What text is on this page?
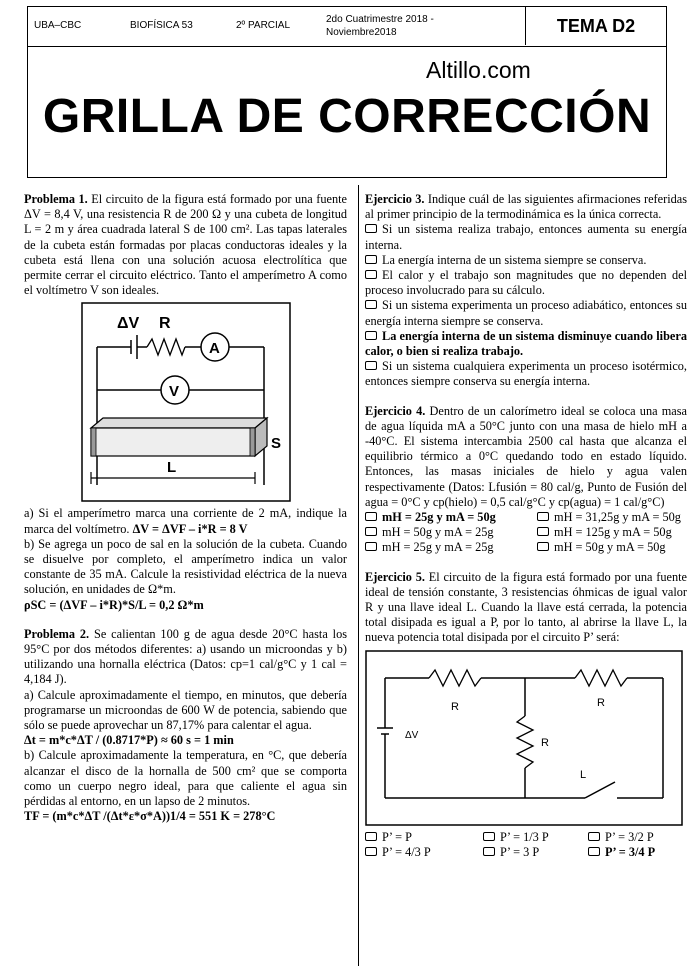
UBA–CBC	BIOFÍSICA 53	2º PARCIAL
2do Cuatrimestre 2018 -
Noviembre2018	TEMA D2
Altillo.com
GRILLA DE CORRECCIÓN

Problema 1. El circuito de la figura está formado por una fuente ΔV = 8,4 V, una resistencia R de 200 Ω y una cubeta de longitud L = 2 m y área cuadrada lateral S de 100 cm². Las tapas laterales de la cubeta están formadas por placas conductoras ideales y la cubeta está llena con una solución acuosa electrolítica que permite cerrar el circuito eléctrico. Tanto el amperímetro A como el voltímetro V son ideales.

ΔV R
A
V
S
L

a) Si el amperímetro marca una corriente de 2 mA, indique la marca del voltímetro. ΔV = ΔVF – i*R = 8 V

b) Se agrega un poco de sal en la solución de la cubeta. Cuando se disuelve por completo, el amperímetro indica un valor constante de 35 mA. Calcule la resistividad eléctrica de la nueva solución, en unidades de Ω*m.

ρSC = (ΔVF – i*R)*S/L = 0,2 Ω*m

Problema 2. Se calientan 100 g de agua desde 20°C hasta los 95°C por dos métodos diferentes: a) usando un microondas y b) utilizando una hornalla eléctrica (Datos: cp=1 cal/g°C y 1 cal = 4,184 J).

a) Calcule aproximadamente el tiempo, en minutos, que debería programarse un microondas de 600 W de potencia, sabiendo que sólo se puede aprovechar un 87,17% para calentar el agua.

Δt = m*c*ΔT / (0.8717*P) ≈ 60 s = 1 min

b) Calcule aproximadamente la temperatura, en °C, que debería alcanzar el disco de la hornalla de 500 cm² que se comporta como un cuerpo negro ideal, para que caliente el agua sin pérdidas al entorno, en un lapso de 2 minutos.

TF = (m*c*ΔT /(Δt*ε*σ*A))1/4 = 551 K = 278°C

Ejercicio 3. Indique cuál de las siguientes afirmaciones referidas al primer principio de la termodinámica es la única correcta.

Si un sistema realiza trabajo, entonces aumenta su energía interna.
La energía interna de un sistema siempre se conserva.
El calor y el trabajo son magnitudes que no dependen del proceso involucrado para su cálculo.
Si un sistema experimenta un proceso adiabático, entonces su energía interna siempre se conserva.
La energía interna de un sistema disminuye cuando libera calor, o bien si realiza trabajo.
Si un sistema cualquiera experimenta un proceso isotérmico, entonces siempre conserva su energía interna.

Ejercicio 4. Dentro de un calorímetro ideal se coloca una masa de agua líquida mA a 50°C junto con una masa de hielo mH a -40°C. El sistema intercambia 2500 cal hasta que alcanza el equilibrio térmico a 0°C quedando todo en estado líquido. Entonces, las masas iniciales de hielo y agua valen respectivamente (Datos: Lfusión = 80 cal/g, Punto de Fusión del agua = 0°C y cp(hielo) = 0,5 cal/g°C y cp(agua) = 1 cal/g°C)

mH = 25g y mA = 50g	mH = 31,25g y mA = 50g
mH = 50g y mA = 25g	mH = 125g y mA = 50g
mH = 25g y mA = 25g	mH = 50g y mA = 50g

Ejercicio 5. El circuito de la figura está formado por una fuente ideal de tensión constante, 3 resistencias óhmicas de igual valor R y una llave ideal L. Cuando la llave está cerrada, la potencia total disipada es igual a P, por lo tanto, al abrirse la llave L, la nueva potencia total disipada por el circuito P’ será:

R	R
R
ΔV
L
P’ = P	P’ = 1/3 P	P’ = 3/2 P
P’ = 4/3 P	P’ = 3 P	P’ = 3/4 P
